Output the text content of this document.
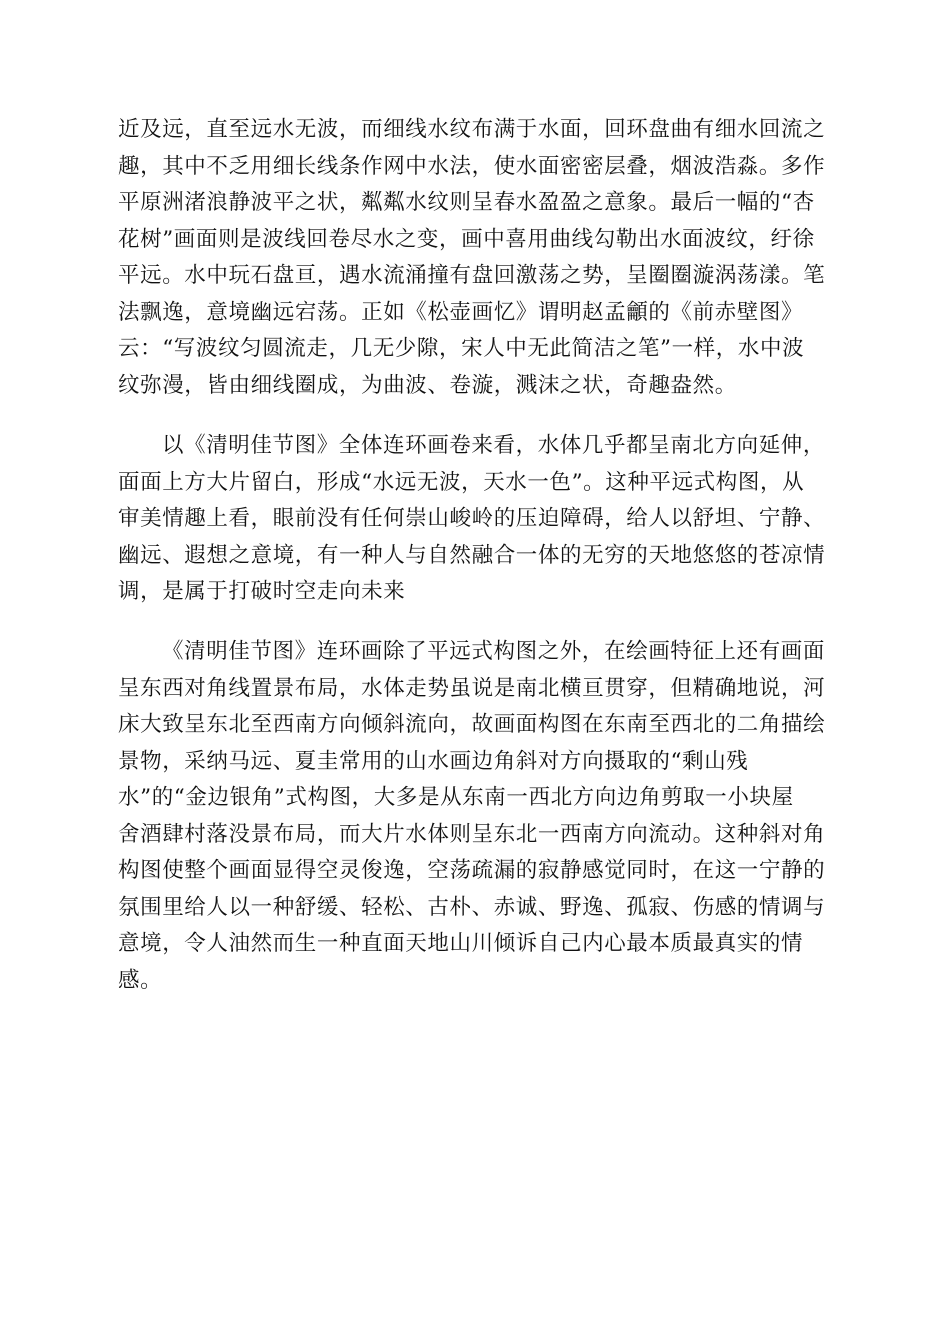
近及远，直至远水无波，而细线水纹布满于水面，回环盘曲有细水回流之
趣，其中不乏用细长线条作网中水法，使水面密密层叠，烟波浩淼。多作
平原洲渚浪静波平之状，粼粼水纹则呈春水盈盈之意象。最后一幅的“杏
花树”画面则是波线回卷尽水之变，画中喜用曲线勾勒出水面波纹，纡徐
平远。水中玩石盘亘，遇水流涌撞有盘回激荡之势，呈圈圈漩涡荡漾。笔
法飘逸，意境幽远宕荡。正如《松壶画忆》谓明赵孟龥的《前赤壁图》
云：“写波纹匀圆流走，几无少隙，宋人中无此简洁之笔”一样，水中波
纹弥漫，皆由细线圈成，为曲波、卷漩，溅沫之状，奇趣盎然。
以《清明佳节图》全体连环画卷来看，水体几乎都呈南北方向延伸，
面面上方大片留白，形成“水远无波，天水一色”。这种平远式构图，从
审美情趣上看，眼前没有任何崇山峻岭的压迫障碍，给人以舒坦、宁静、
幽远、遐想之意境，有一种人与自然融合一体的无穷的天地悠悠的苍凉情
调，是属于打破时空走向未来
《清明佳节图》连环画除了平远式构图之外，在绘画特征上还有画面
呈东西对角线置景布局，水体走势虽说是南北横亘贯穿，但精确地说，河
床大致呈东北至西南方向倾斜流向，故画面构图在东南至西北的二角描绘
景物，采纳马远、夏圭常用的山水画边角斜对方向摄取的“剩山残
水”的“金边银角”式构图，大多是从东南一西北方向边角剪取一小块屋
舍酒肆村落没景布局，而大片水体则呈东北一西南方向流动。这种斜对角
构图使整个画面显得空灵俊逸，空荡疏漏的寂静感觉同时，在这一宁静的
氛围里给人以一种舒缓、轻松、古朴、赤诚、野逸、孤寂、伤感的情调与
意境，令人油然而生一种直面天地山川倾诉自己内心最本质最真实的情
感。
